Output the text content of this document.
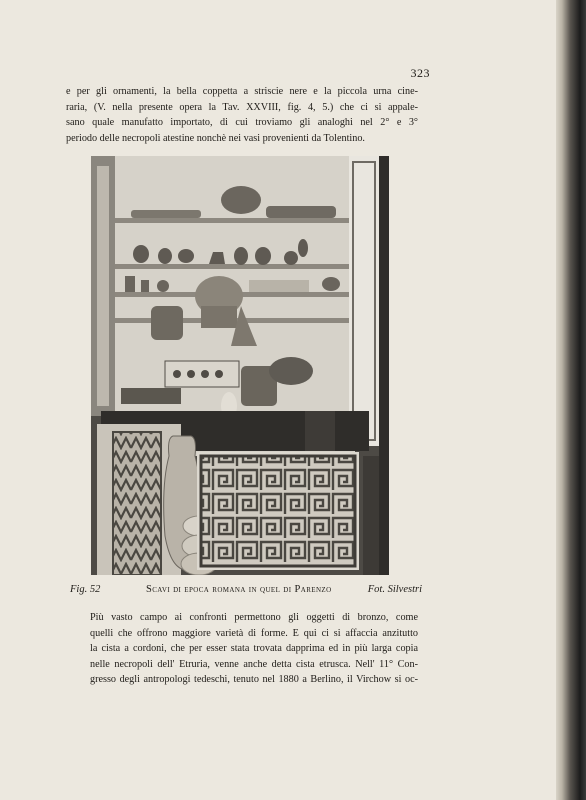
323
e per gli ornamenti, la bella coppetta a striscie nere e la piccola urna cine-
raria, (V. nella presente opera la Tav. XXVIII, fig. 4, 5.) che ci si appale-
sano quale manufatto importato, di cui troviamo gli analoghi nel 2° e 3°
periodo delle necropoli atestine nonchè nei vasi provenienti da Tolentino.
Fig. 52	Scavi di epoca romana in quel di Parenzo	Fot. Silvestri
Più vasto campo ai confronti permettono gli oggetti di bronzo, come
quelli che offrono maggiore varietà di forme. E qui ci si affaccia anzitutto
la cista a cordoni, che per esser stata trovata dapprima ed in più larga copia
nelle necropoli dell' Etruria, venne anche detta cista etrusca. Nell' 11° Con-
gresso degli antropologi tedeschi, tenuto nel 1880 a Berlino, il Virchow si oc-
